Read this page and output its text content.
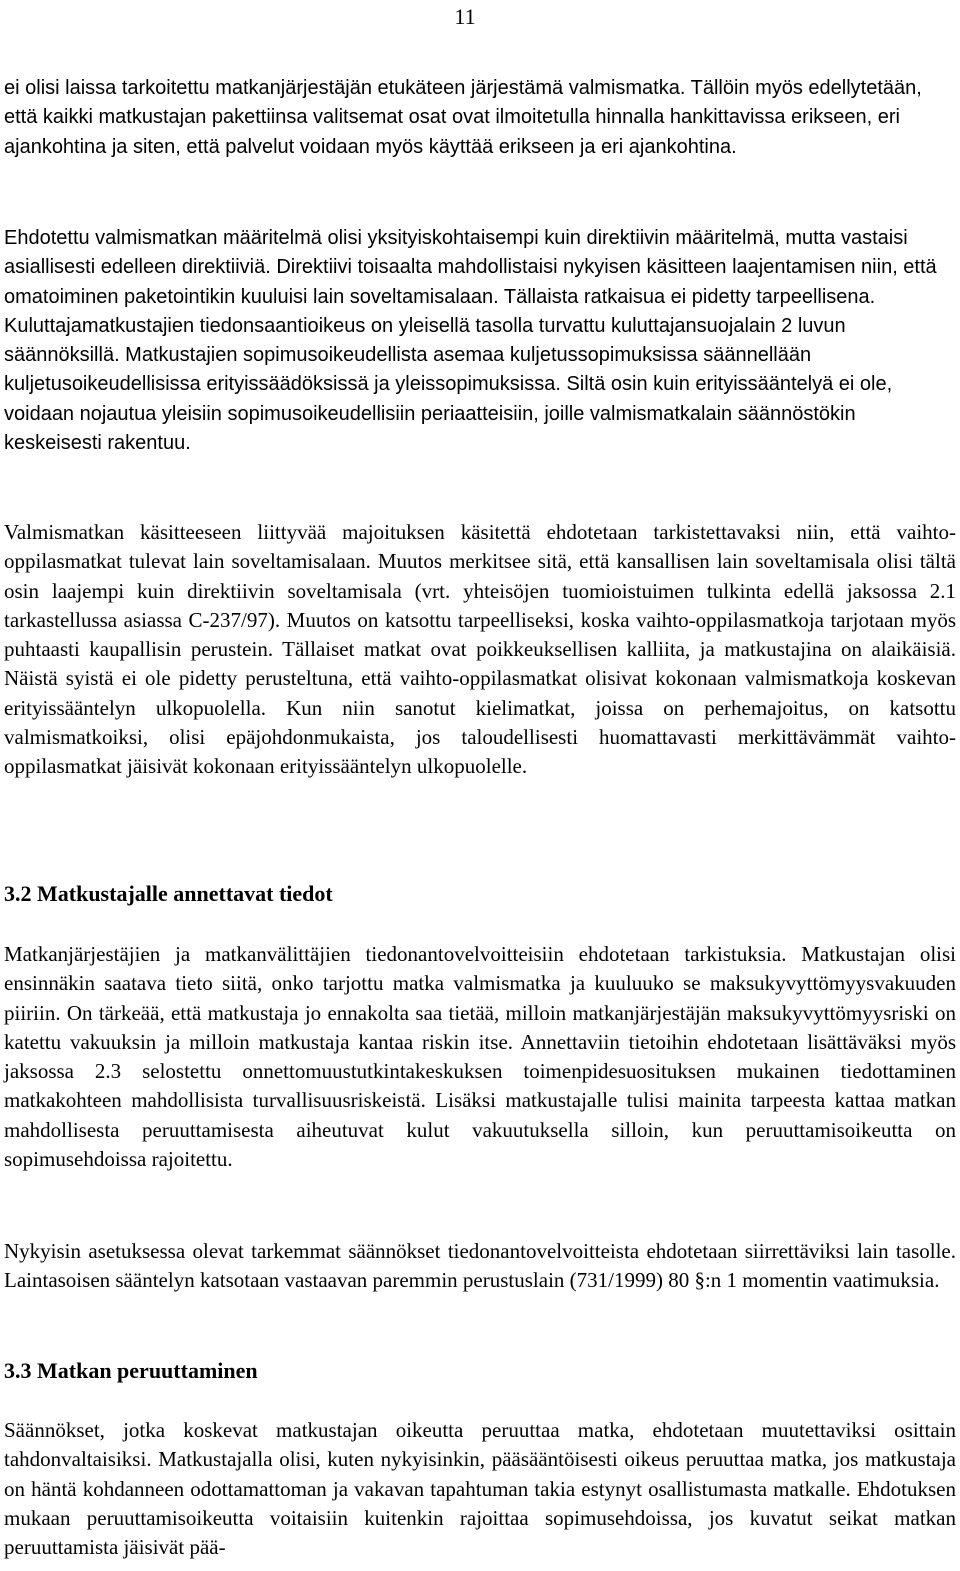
11

ei olisi laissa tarkoitettu matkanjärjestäjän etukäteen järjestämä valmismatka. Tällöin myös edellytetään, että kaikki matkustajan pakettiinsa valitsemat osat ovat ilmoitetulla hinnalla hankittavissa erikseen, eri ajankohtina ja siten, että palvelut voidaan myös käyttää erikseen ja eri ajankohtina.

Ehdotettu valmismatkan määritelmä olisi yksityiskohtaisempi kuin direktiivin määritelmä, mutta vastaisi asiallisesti edelleen direktiiviä. Direktiivi toisaalta mahdollistaisi nykyisen käsitteen laajentamisen niin, että omatoiminen paketointikin kuuluisi lain soveltamisalaan. Tällaista ratkaisua ei pidetty tarpeellisena. Kuluttajamatkustajien tiedonsaantioikeus on yleisellä tasolla turvattu kuluttajansuojalain 2 luvun säännöksillä. Matkustajien sopimusoikeudellista asemaa kuljetussopimuksissa säännellään kuljetusoikeudellisissa erityissäädöksissä ja yleissopimuksissa. Siltä osin kuin erityissääntelyä ei ole, voidaan nojautua yleisiin sopimusoikeudellisiin periaatteisiin, joille valmismatkalain säännöstökin keskeisesti rakentuu.

Valmismatkan käsitteeseen liittyvää majoituksen käsitettä ehdotetaan tarkistettavaksi niin, että vaihto-oppilasmatkat tulevat lain soveltamisalaan. Muutos merkitsee sitä, että kansallisen lain soveltamisala olisi tältä osin laajempi kuin direktiivin soveltamisala (vrt. yhteisöjen tuomioistuimen tulkinta edellä jaksossa 2.1 tarkastellussa asiassa C-237/97). Muutos on katsottu tarpeelliseksi, koska vaihto-oppilasmatkoja tarjotaan myös puhtaasti kaupallisin perustein. Tällaiset matkat ovat poikkeuksellisen kalliita, ja matkustajina on alaikäisiä. Näistä syistä ei ole pidetty perusteltuna, että vaihto-oppilasmatkat olisivat kokonaan valmismatkoja koskevan erityissääntelyn ulkopuolella. Kun niin sanotut kielimatkat, joissa on perhemajoitus, on katsottu valmismatkoiksi, olisi epäjohdonmukaista, jos taloudellisesti huomattavasti merkittävämmät vaihto-oppilasmatkat jäisivät kokonaan erityissääntelyn ulkopuolelle.

3.2 Matkustajalle annettavat tiedot

Matkanjärjestäjien ja matkanvälittäjien tiedonantovelvoitteisiin ehdotetaan tarkistuksia. Matkustajan olisi ensinnäkin saatava tieto siitä, onko tarjottu matka valmismatka ja kuuluuko se maksukyvyttömyysvakuuden piiriin. On tärkeää, että matkustaja jo ennakolta saa tietää, milloin matkanjärjestäjän maksukyvyttömyysriski on katettu vakuuksin ja milloin matkustaja kantaa riskin itse. Annettaviin tietoihin ehdotetaan lisättäväksi myös jaksossa 2.3 selostettu onnettomuustutkintakeskuksen toimenpidesuosituksen mukainen tiedottaminen matkakohteen mahdollisista turvallisuusriskeistä. Lisäksi matkustajalle tulisi mainita tarpeesta kattaa matkan mahdollisesta peruuttamisesta aiheutuvat kulut vakuutuksella silloin, kun peruuttamisoikeutta on sopimusehdoissa rajoitettu.

Nykyisin asetuksessa olevat tarkemmat säännökset tiedonantovelvoitteista ehdotetaan siirrettäviksi lain tasolle. Laintasoisen sääntelyn katsotaan vastaavan paremmin perustuslain (731/1999) 80 §:n 1 momentin vaatimuksia.

3.3 Matkan peruuttaminen

Säännökset, jotka koskevat matkustajan oikeutta peruuttaa matka, ehdotetaan muutettaviksi osittain tahdonvaltaisiksi. Matkustajalla olisi, kuten nykyisinkin, pääsääntöisesti oikeus peruuttaa matka, jos matkustaja on häntä kohdanneen odottamattoman ja vakavan tapahtuman takia estynyt osallistumasta matkalle. Ehdotuksen mukaan peruuttamisoikeutta voitaisiin kuitenkin rajoittaa sopimusehdoissa, jos kuvatut seikat matkan peruuttamista jäisivät pää-
